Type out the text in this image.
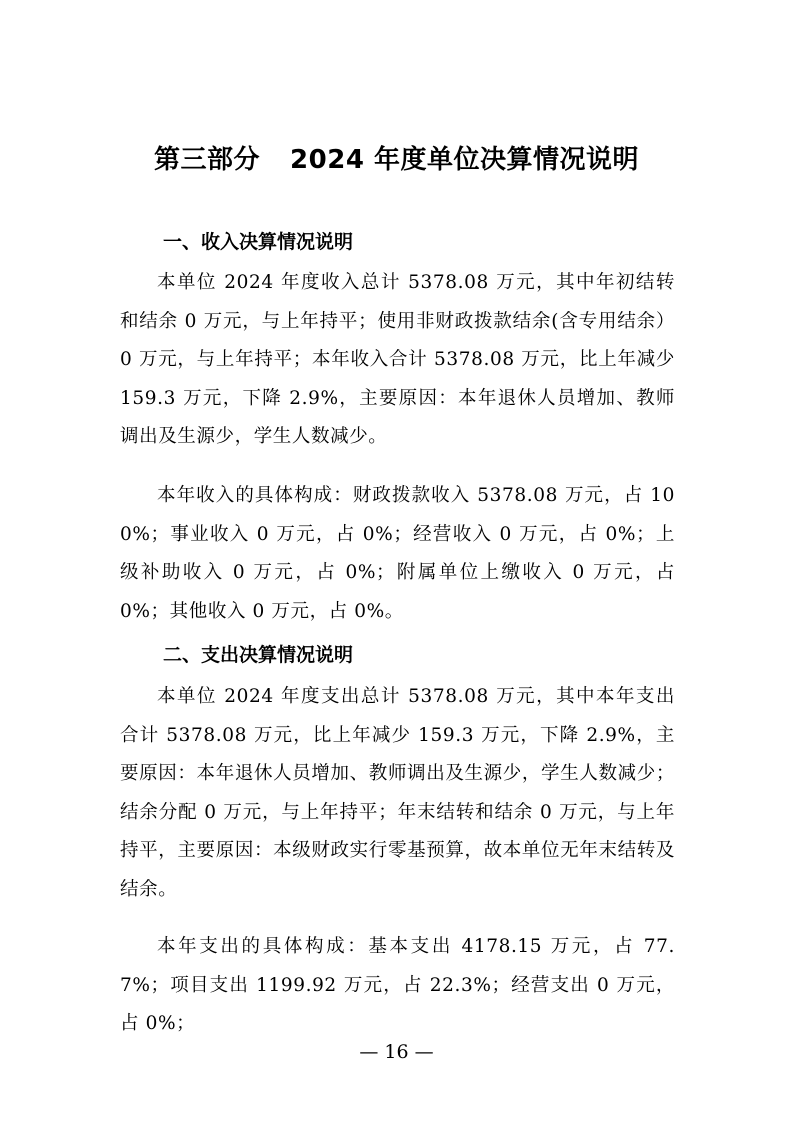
第三部分 2024 年度单位决算情况说明
一、收入决算情况说明

本单位 2024 年度收入总计 5378.08 万元，其中年初结转和结余 0 万元，与上年持平；使用非财政拨款结余(含专用结余）0 万元，与上年持平；本年收入合计 5378.08 万元，比上年减少 159.3 万元，下降 2.9%，主要原因：本年退休人员增加、教师调出及生源少，学生人数减少。

本年收入的具体构成：财政拨款收入 5378.08 万元，占 100%；事业收入 0 万元，占 0%；经营收入 0 万元，占 0%；上级补助收入 0 万元，占 0%；附属单位上缴收入 0 万元，占 0%；其他收入 0 万元，占 0%。

二、支出决算情况说明

本单位 2024 年度支出总计 5378.08 万元，其中本年支出合计 5378.08 万元，比上年减少 159.3 万元，下降 2.9%，主要原因：本年退休人员增加、教师调出及生源少，学生人数减少；结余分配 0 万元，与上年持平；年末结转和结余 0 万元，与上年持平，主要原因：本级财政实行零基预算，故本单位无年末结转及结余。

本年支出的具体构成：基本支出 4178.15 万元，占 77.7%；项目支出 1199.92 万元，占 22.3%；经营支出 0 万元，占 0%；

— 16 —
